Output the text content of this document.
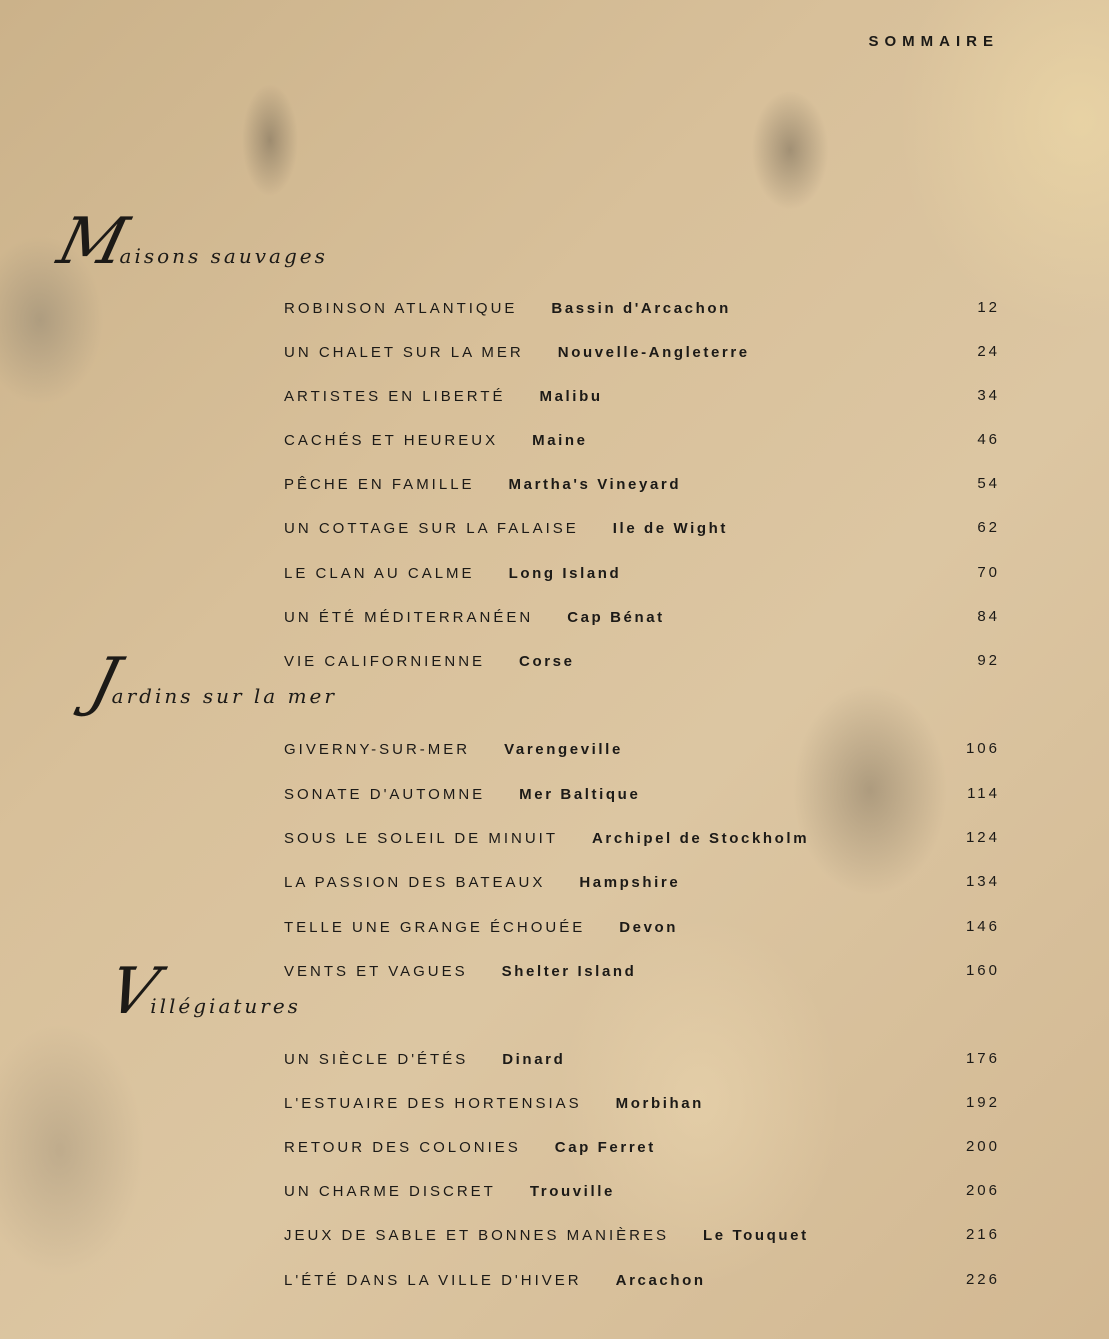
SOMMAIRE
Maisons sauvages
ROBINSON ATLANTIQUE Bassin d'Arcachon	12
UN CHALET SUR LA MER Nouvelle-Angleterre	24
ARTISTES EN LIBERTÉ Malibu	34
CACHÉS ET HEUREUX Maine	46
PÊCHE EN FAMILLE Martha's Vineyard	54
UN COTTAGE SUR LA FALAISE Ile de Wight	62
LE CLAN AU CALME Long Island	70
UN ÉTÉ MÉDITERRANÉEN Cap Bénat	84
VIE CALIFORNIENNE Corse	92
Jardins sur la mer
GIVERNY-SUR-MER Varengeville	106
SONATE D'AUTOMNE Mer Baltique	114
SOUS LE SOLEIL DE MINUIT Archipel de Stockholm	124
LA PASSION DES BATEAUX Hampshire	134
TELLE UNE GRANGE ÉCHOUÉE Devon	146
VENTS ET VAGUES Shelter Island	160
Villégiatures
UN SIÈCLE D'ÉTÉS Dinard	176
L'ESTUAIRE DES HORTENSIAS Morbihan	192
RETOUR DES COLONIES Cap Ferret	200
UN CHARME DISCRET Trouville	206
JEUX DE SABLE ET BONNES MANIÈRES Le Touquet	216
L'ÉTÉ DANS LA VILLE D'HIVER Arcachon	226
